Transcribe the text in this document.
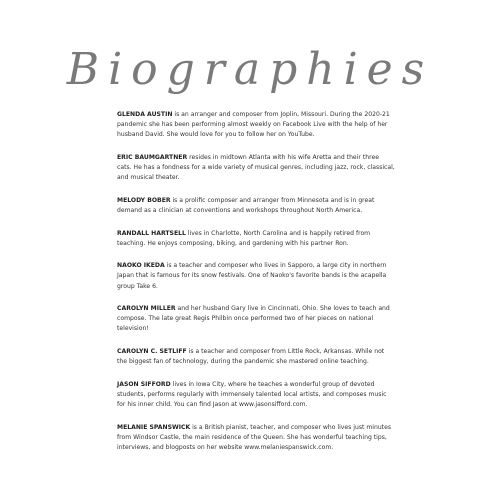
Biographies

GLENDA AUSTIN is an arranger and composer from Joplin, Missouri. During the 2020-21 pandemic she has been performing almost weekly on Facebook Live with the help of her husband David. She would love for you to follow her on YouTube.

ERIC BAUMGARTNER resides in midtown Atlanta with his wife Aretta and their three cats. He has a fondness for a wide variety of musical genres, including jazz, rock, classical, and musical theater.

MELODY BOBER is a prolific composer and arranger from Minnesota and is in great demand as a clinician at conventions and workshops throughout North America.

RANDALL HARTSELL lives in Charlotte, North Carolina and is happily retired from teaching. He enjoys composing, biking, and gardening with his partner Ron.

NAOKO IKEDA is a teacher and composer who lives in Sapporo, a large city in northern Japan that is famous for its snow festivals. One of Naoko's favorite bands is the acapella group Take 6.

CAROLYN MILLER and her husband Gary live in Cincinnati, Ohio. She loves to teach and compose. The late great Regis Philbin once performed two of her pieces on national television!

CAROLYN C. SETLIFF is a teacher and composer from Little Rock, Arkansas. While not the biggest fan of technology, during the pandemic she mastered online teaching.

JASON SIFFORD lives in Iowa City, where he teaches a wonderful group of devoted students, performs regularly with immensely talented local artists, and composes music for his inner child. You can find Jason at www.jasonsifford.com.

MELANIE SPANSWICK is a British pianist, teacher, and composer who lives just minutes from Windsor Castle, the main residence of the Queen. She has wonderful teaching tips, interviews, and blogposts on her website www.melaniespanswick.com.
